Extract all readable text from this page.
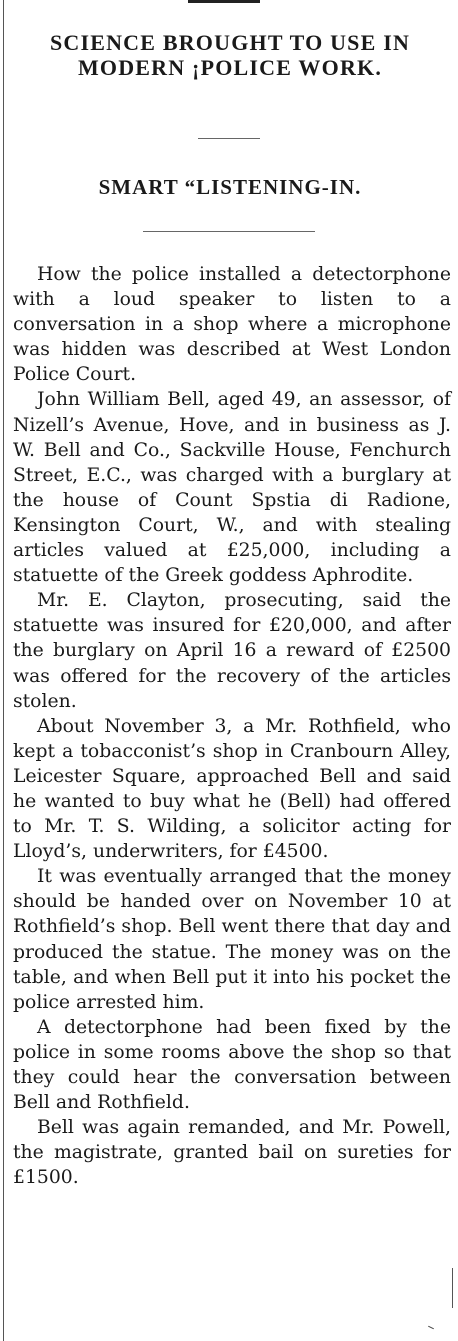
SCIENCE BROUGHT TO USE IN MODERN ¡POLICE WORK.
SMART “LISTENING-IN.

How the police installed a detectorphone with a loud speaker to listen to a conversation in a shop where a microphone was hidden was described at West London Police Court.

John William Bell, aged 49, an assessor, of Nizell’s Avenue, Hove, and in business as J. W. Bell and Co., Sackville House, Fenchurch Street, E.C., was charged with a burglary at the house of Count Spstia di Radione, Kensington Court, W., and with stealing articles valued at £25,000, including a statuette of the Greek goddess Aphrodite.

Mr. E. Clayton, prosecuting, said the statuette was insured for £20,000, and after the burglary on April 16 a reward of £2500 was offered for the recovery of the articles stolen.

About November 3, a Mr. Rothfield, who kept a tobacconist’s shop in Cranbourn Alley, Leicester Square, approached Bell and said he wanted to buy what he (Bell) had offered to Mr. T. S. Wilding, a solicitor acting for Lloyd’s, underwriters, for £4500.

It was eventually arranged that the money should be handed over on November 10 at Rothfield’s shop. Bell went there that day and produced the statue. The money was on the table, and when Bell put it into his pocket the police arrested him.

A detectorphone had been fixed by the police in some rooms above the shop so that they could hear the conversation between Bell and Rothfield.

Bell was again remanded, and Mr. Powell, the magistrate, granted bail on sureties for £1500.
